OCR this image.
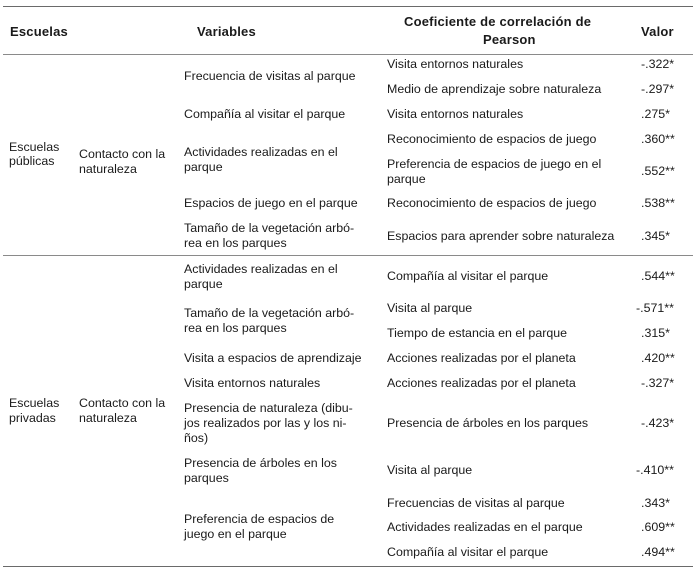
Escuelas	Variables
Coeficiente de correlación de
Pearson
Valor
Escuelas
públicas Contacto con la
naturaleza
Frecuencia de visitas al parque
Compañía al visitar el parque
Actividades realizadas en el
parque
Espacios de juego en el parque
Tamaño de la vegetación arbó-
rea en los parques
Visita entornos naturales
Medio de aprendizaje sobre naturaleza
Visita entornos naturales
Reconocimiento de espacios de juego
Preferencia de espacios de juego en el
parque
Reconocimiento de espacios de juego
Espacios para aprender sobre naturaleza
-.322*
-.297*
.275*
.360**
.552**
.538**
.345*
Escuelas
privadas
Contacto con la
naturaleza
Actividades realizadas en el
parque
Tamaño de la vegetación arbó-
rea en los parques
Visita a espacios de aprendizaje
Visita entornos naturales
Presencia de naturaleza (dibu-
jos realizados por las y los ni-
ños)
Presencia de árboles en los
parques
Preferencia de espacios de
juego en el parque
Compañía al visitar el parque
Visita al parque
Tiempo de estancia en el parque
Acciones realizadas por el planeta
Acciones realizadas por el planeta
Presencia de árboles en los parques
Visita al parque
Frecuencias de visitas al parque
Actividades realizadas en el parque
Compañía al visitar el parque
.544**
-.571**
.315*
.420**
-.327*
-.423*
-.410**
.343*
.609**
.494**
